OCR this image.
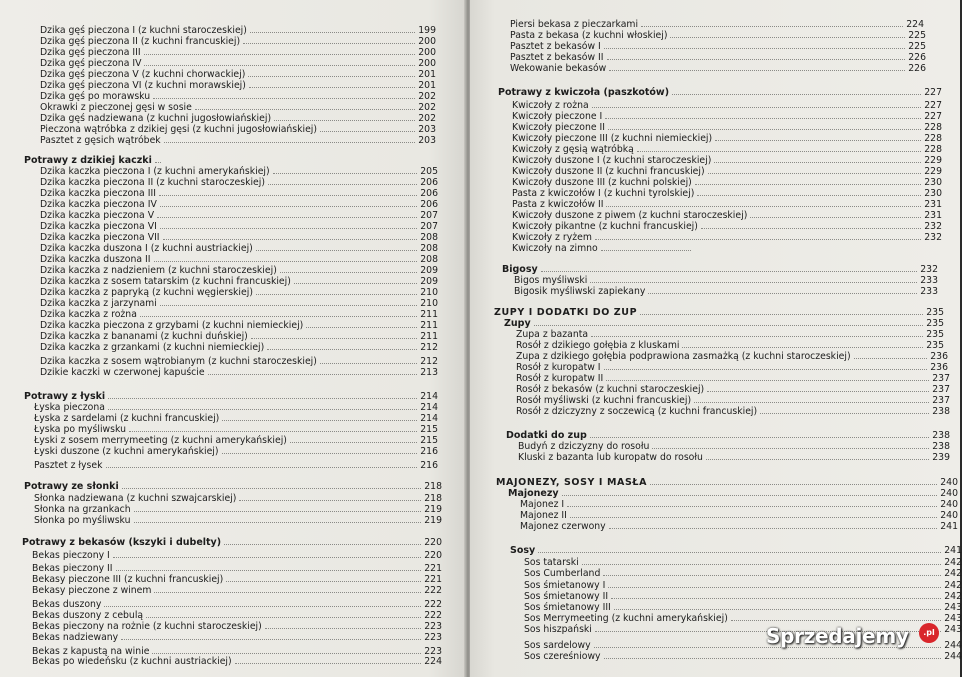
Dzika gęś pieczona I (z kuchni staroczeskiej)	199
Dzika gęś pieczona II (z kuchni francuskiej)	200
Dzika gęś pieczona III	200
Dzika gęś pieczona IV	200
Dzika gęś pieczona V (z kuchni chorwackiej)	201
Dzika gęś pieczona VI (z kuchni morawskiej)	201
Dzika gęś po morawsku	202
Okrawki z pieczonej gęsi w sosie	202
Dzika gęś nadziewana (z kuchni jugosłowiańskiej)	202
Pieczona wątróbka z dzikiej gęsi (z kuchni jugosłowiańskiej)	203
Pasztet z gęsich wątróbek	203
Potrawy z dzikiej kaczki
Dzika kaczka pieczona I (z kuchni amerykańskiej)	205
Dzika kaczka pieczona II (z kuchni staroczeskiej)	206
Dzika kaczka pieczona III	206
Dzika kaczka pieczona IV	206
Dzika kaczka pieczona V	207
Dzika kaczka pieczona VI	207
Dzika kaczka pieczona VII	208
Dzika kaczka duszona I (z kuchni austriackiej)	208
Dzika kaczka duszona II	208
Dzika kaczka z nadzieniem (z kuchni staroczeskiej)	209
Dzika kaczka z sosem tatarskim (z kuchni francuskiej)	209
Dzika kaczka z papryką (z kuchni węgierskiej)	210
Dzika kaczka z jarzynami	210
Dzika kaczka z rożna	211
Dzika kaczka pieczona z grzybami (z kuchni niemieckiej)	211
Dzika kaczka z bananami (z kuchni duńskiej)	211
Dzika kaczka z grzankami (z kuchni niemieckiej)	212
Dzika kaczka z sosem wątrobianym (z kuchni staroczeskiej)	212
Dzikie kaczki w czerwonej kapuście	213
Potrawy z łyski	214
Łyska pieczona	214
Łyska z sardelami (z kuchni francuskiej)	214
Łyska po myśliwsku	215
Łyski z sosem merrymeeting (z kuchni amerykańskiej)	215
Łyski duszone (z kuchni amerykańskiej)	216
Pasztet z łysek	216
Potrawy ze słonki	218
Słonka nadziewana (z kuchni szwajcarskiej)	218
Słonka na grzankach	219
Słonka po myśliwsku	219
Potrawy z bekasów (kszyki i dubelty)	220
Bekas pieczony I	220
Bekas pieczony II	221
Bekasy pieczone III (z kuchni francuskiej)	221
Bekasy pieczone z winem	222
Bekas duszony	222
Bekas duszony z cebulą	222
Bekas pieczony na rożnie (z kuchni staroczeskiej)	223
Bekas nadziewany	223
Bekas z kapustą na winie	223
Bekas po wiedeńsku (z kuchni austriackiej)	224
Piersi bekasa z pieczarkami	224
Pasta z bekasa (z kuchni włoskiej)	225
Pasztet z bekasów I	225
Pasztet z bekasów II	226
Wekowanie bekasów	226
Potrawy z kwiczoła (paszkotów)	227
Kwiczoły z rożna	227
Kwiczoły pieczone I	227
Kwiczoły pieczone II	228
Kwiczoły pieczone III (z kuchni niemieckiej)	228
Kwiczoły z gęsią wątróbką	228
Kwiczoły duszone I (z kuchni staroczeskiej)	229
Kwiczoły duszone II (z kuchni francuskiej)	229
Kwiczoły duszone III (z kuchni polskiej)	230
Pasta z kwiczołów I (z kuchni tyrolskiej)	230
Pasta z kwiczołów II	231
Kwiczoły duszone z piwem (z kuchni staroczeskiej)	231
Kwiczoły pikantne (z kuchni francuskiej)	232
Kwiczoły z ryżem	232
Kwiczoły na zimno
Bigosy	232
Bigos myśliwski	233
Bigosik myśliwski zapiekany	233
ZUPY I DODATKI DO ZUP	235
Zupy	235
Zupa z bazanta	235
Rosół z dzikiego gołębia z kluskami	235
Zupa z dzikiego gołębia podprawiona zasmażką (z kuchni staroczeskiej)	236
Rosół z kuropatw I	236
Rosół z kuropatw II	237
Rosół z bekasów (z kuchni staroczeskiej)	237
Rosół myśliwski (z kuchni francuskiej)	237
Rosół z dziczyzny z soczewicą (z kuchni francuskiej)	238
Dodatki do zup	238
Budyń z dziczyzny do rosołu	238
Kluski z bazanta lub kuropatw do rosołu	239
MAJONEZY, SOSY I MASŁA	240
Majonezy	240
Majonez I	240
Majonez II	240
Majonez czerwony	241
Sosy	241
Sos tatarski	242
Sos Cumberland	242
Sos śmietanowy I	242
Sos śmietanowy II	242
Sos śmietanowy III	243
Sos Merrymeeting (z kuchni amerykańskiej)	243
Sos hiszpański	243
Sos sardelowy	244
Sos czereśniowy	244
Sprzedajemy	.pl
